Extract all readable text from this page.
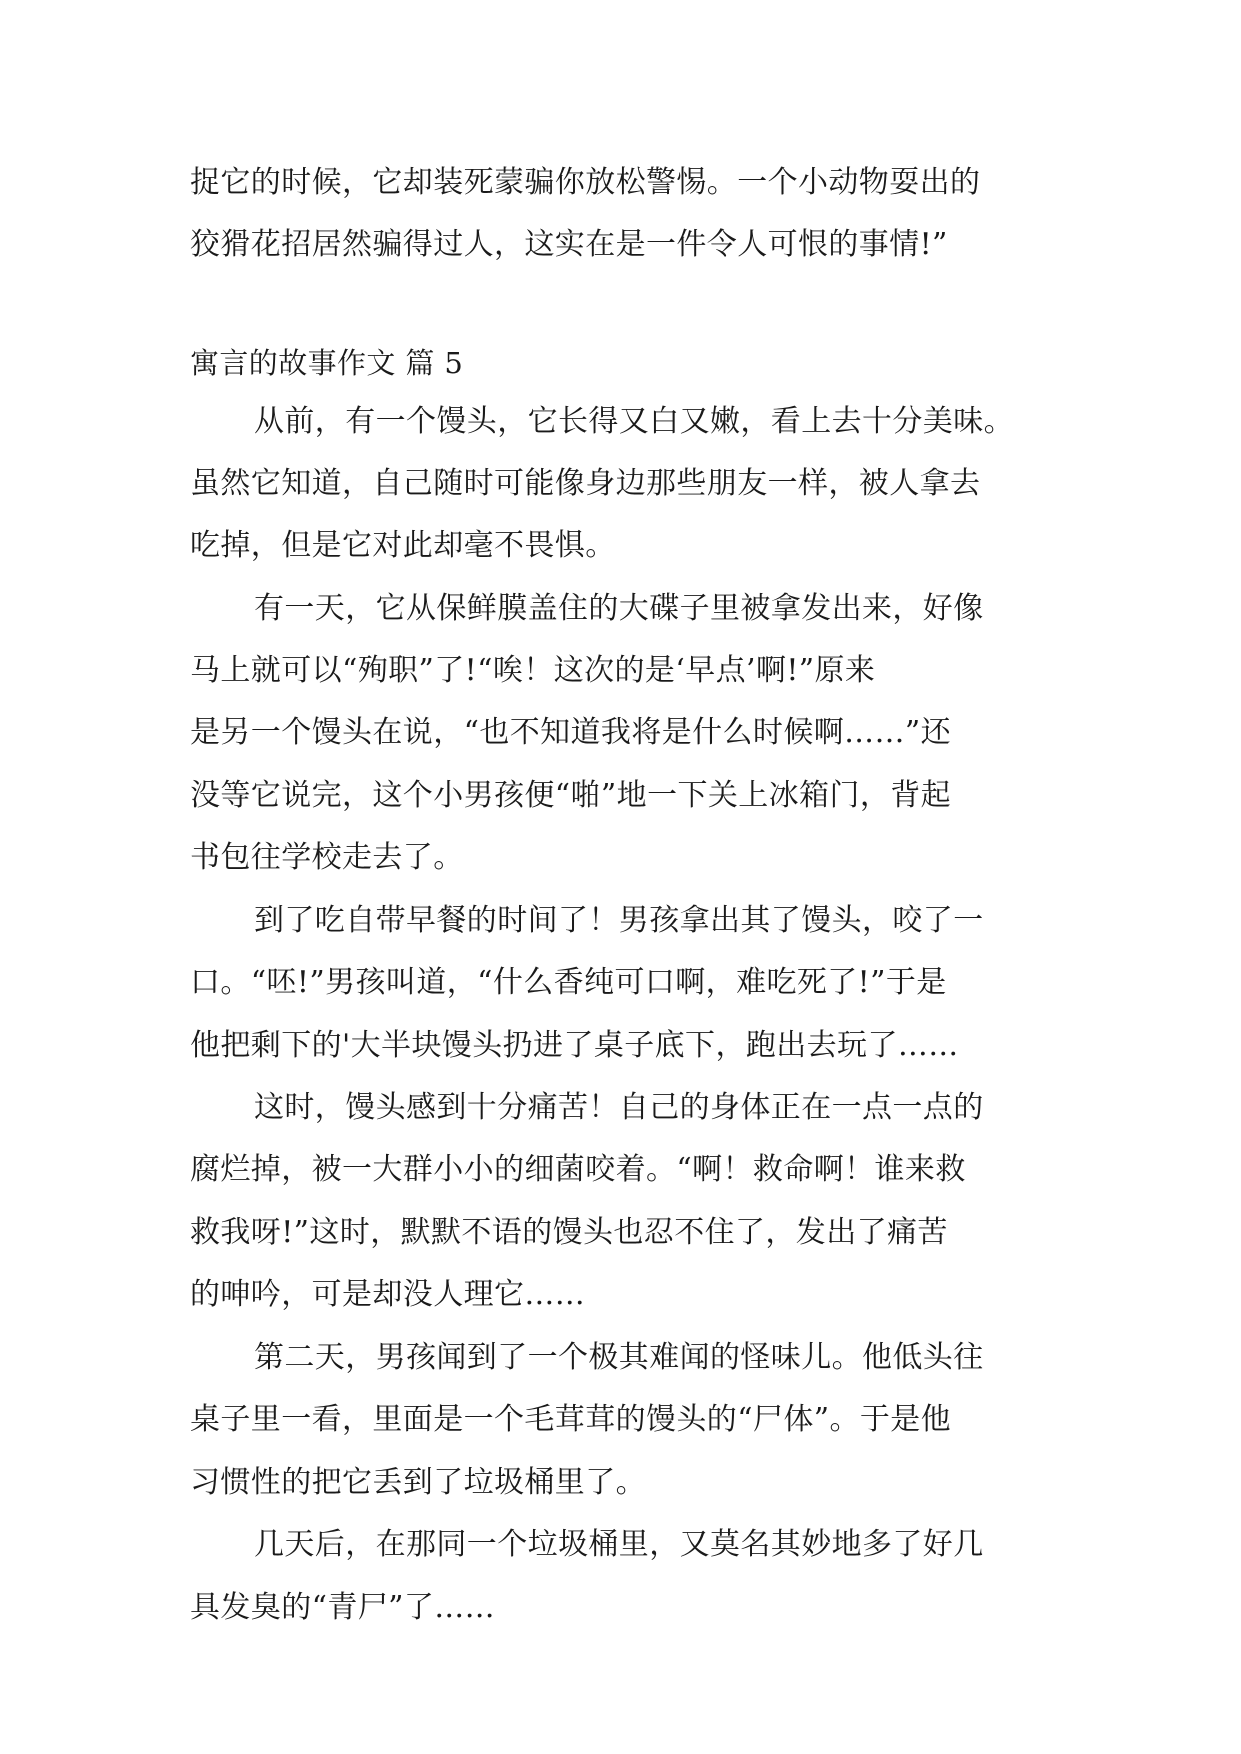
捉它的时候，它却装死蒙骗你放松警惕。一个小动物耍出的
狡猾花招居然骗得过人，这实在是一件令人可恨的事情!”
寓言的故事作文 篇 5
从前，有一个馒头，它长得又白又嫩，看上去十分美味。
虽然它知道，自己随时可能像身边那些朋友一样，被人拿去
吃掉，但是它对此却毫不畏惧。
有一天，它从保鲜膜盖住的大碟子里被拿发出来，好像
马上就可以“殉职”了!“唉！这次的是‘早点’啊!”原来
是另一个馒头在说，“也不知道我将是什么时候啊……”还
没等它说完，这个小男孩便“啪”地一下关上冰箱门，背起
书包往学校走去了。
到了吃自带早餐的时间了！男孩拿出其了馒头，咬了一
口。“呸!”男孩叫道，“什么香纯可口啊，难吃死了!”于是
他把剩下的'大半块馒头扔进了桌子底下，跑出去玩了……
这时，馒头感到十分痛苦！自己的身体正在一点一点的
腐烂掉，被一大群小小的细菌咬着。“啊！救命啊！谁来救
救我呀!”这时，默默不语的馒头也忍不住了，发出了痛苦
的呻吟，可是却没人理它……
第二天，男孩闻到了一个极其难闻的怪味儿。他低头往
桌子里一看，里面是一个毛茸茸的馒头的“尸体”。于是他
习惯性的把它丢到了垃圾桶里了。
几天后，在那同一个垃圾桶里，又莫名其妙地多了好几
具发臭的“青尸”了……
